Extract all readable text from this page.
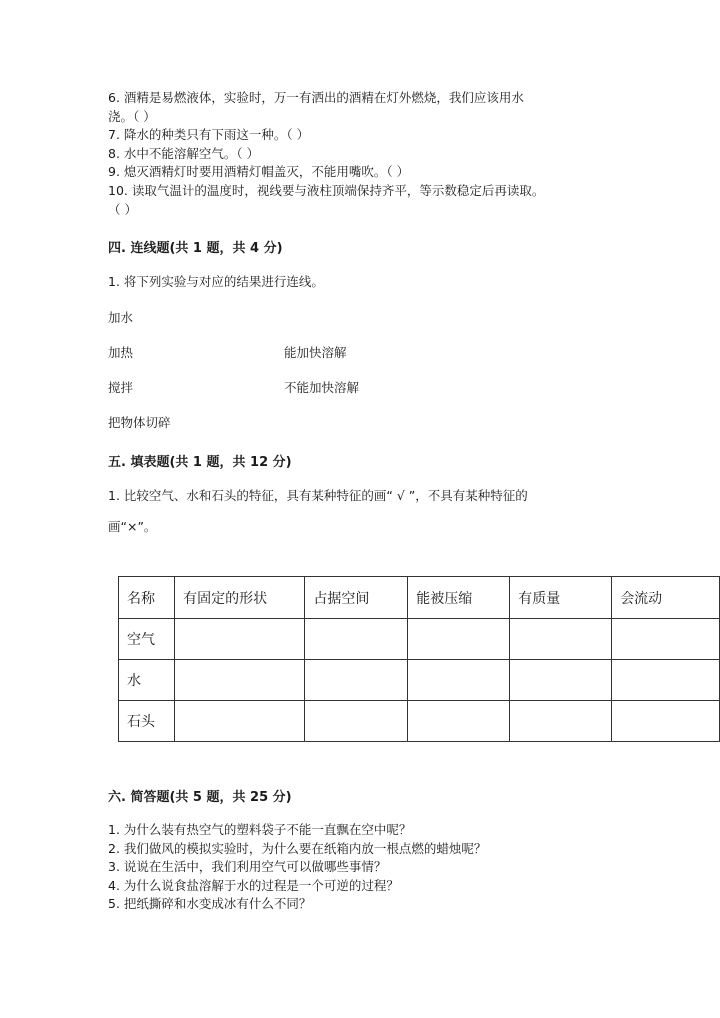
6. 酒精是易燃液体，实验时，万一有洒出的酒精在灯外燃烧，我们应该用水
浇。（ ）
7. 降水的种类只有下雨这一种。（ ）
8. 水中不能溶解空气。（ ）
9. 熄灭酒精灯时要用酒精灯帽盖灭，不能用嘴吹。（ ）
10. 读取气温计的温度时，视线要与液柱顶端保持齐平，等示数稳定后再读取。
（ ）
四. 连线题(共 1 题，共 4 分)
1. 将下列实验与对应的结果进行连线。
加水
加热	能加快溶解
搅拌	不能加快溶解
把物体切碎
五. 填表题(共 1 题，共 12 分)
1. 比较空气、水和石头的特征，具有某种特征的画“ √ ”，不具有某种特征的
画“×”。
名称	有固定的形状	占据空间	能被压缩	有质量	会流动
空气					
水					
石头					
六. 简答题(共 5 题，共 25 分)
1. 为什么装有热空气的塑料袋子不能一直飘在空中呢？
2. 我们做风的模拟实验时，为什么要在纸箱内放一根点燃的蜡烛呢？
3. 说说在生活中，我们利用空气可以做哪些事情？
4. 为什么说食盐溶解于水的过程是一个可逆的过程？
5. 把纸撕碎和水变成冰有什么不同？
